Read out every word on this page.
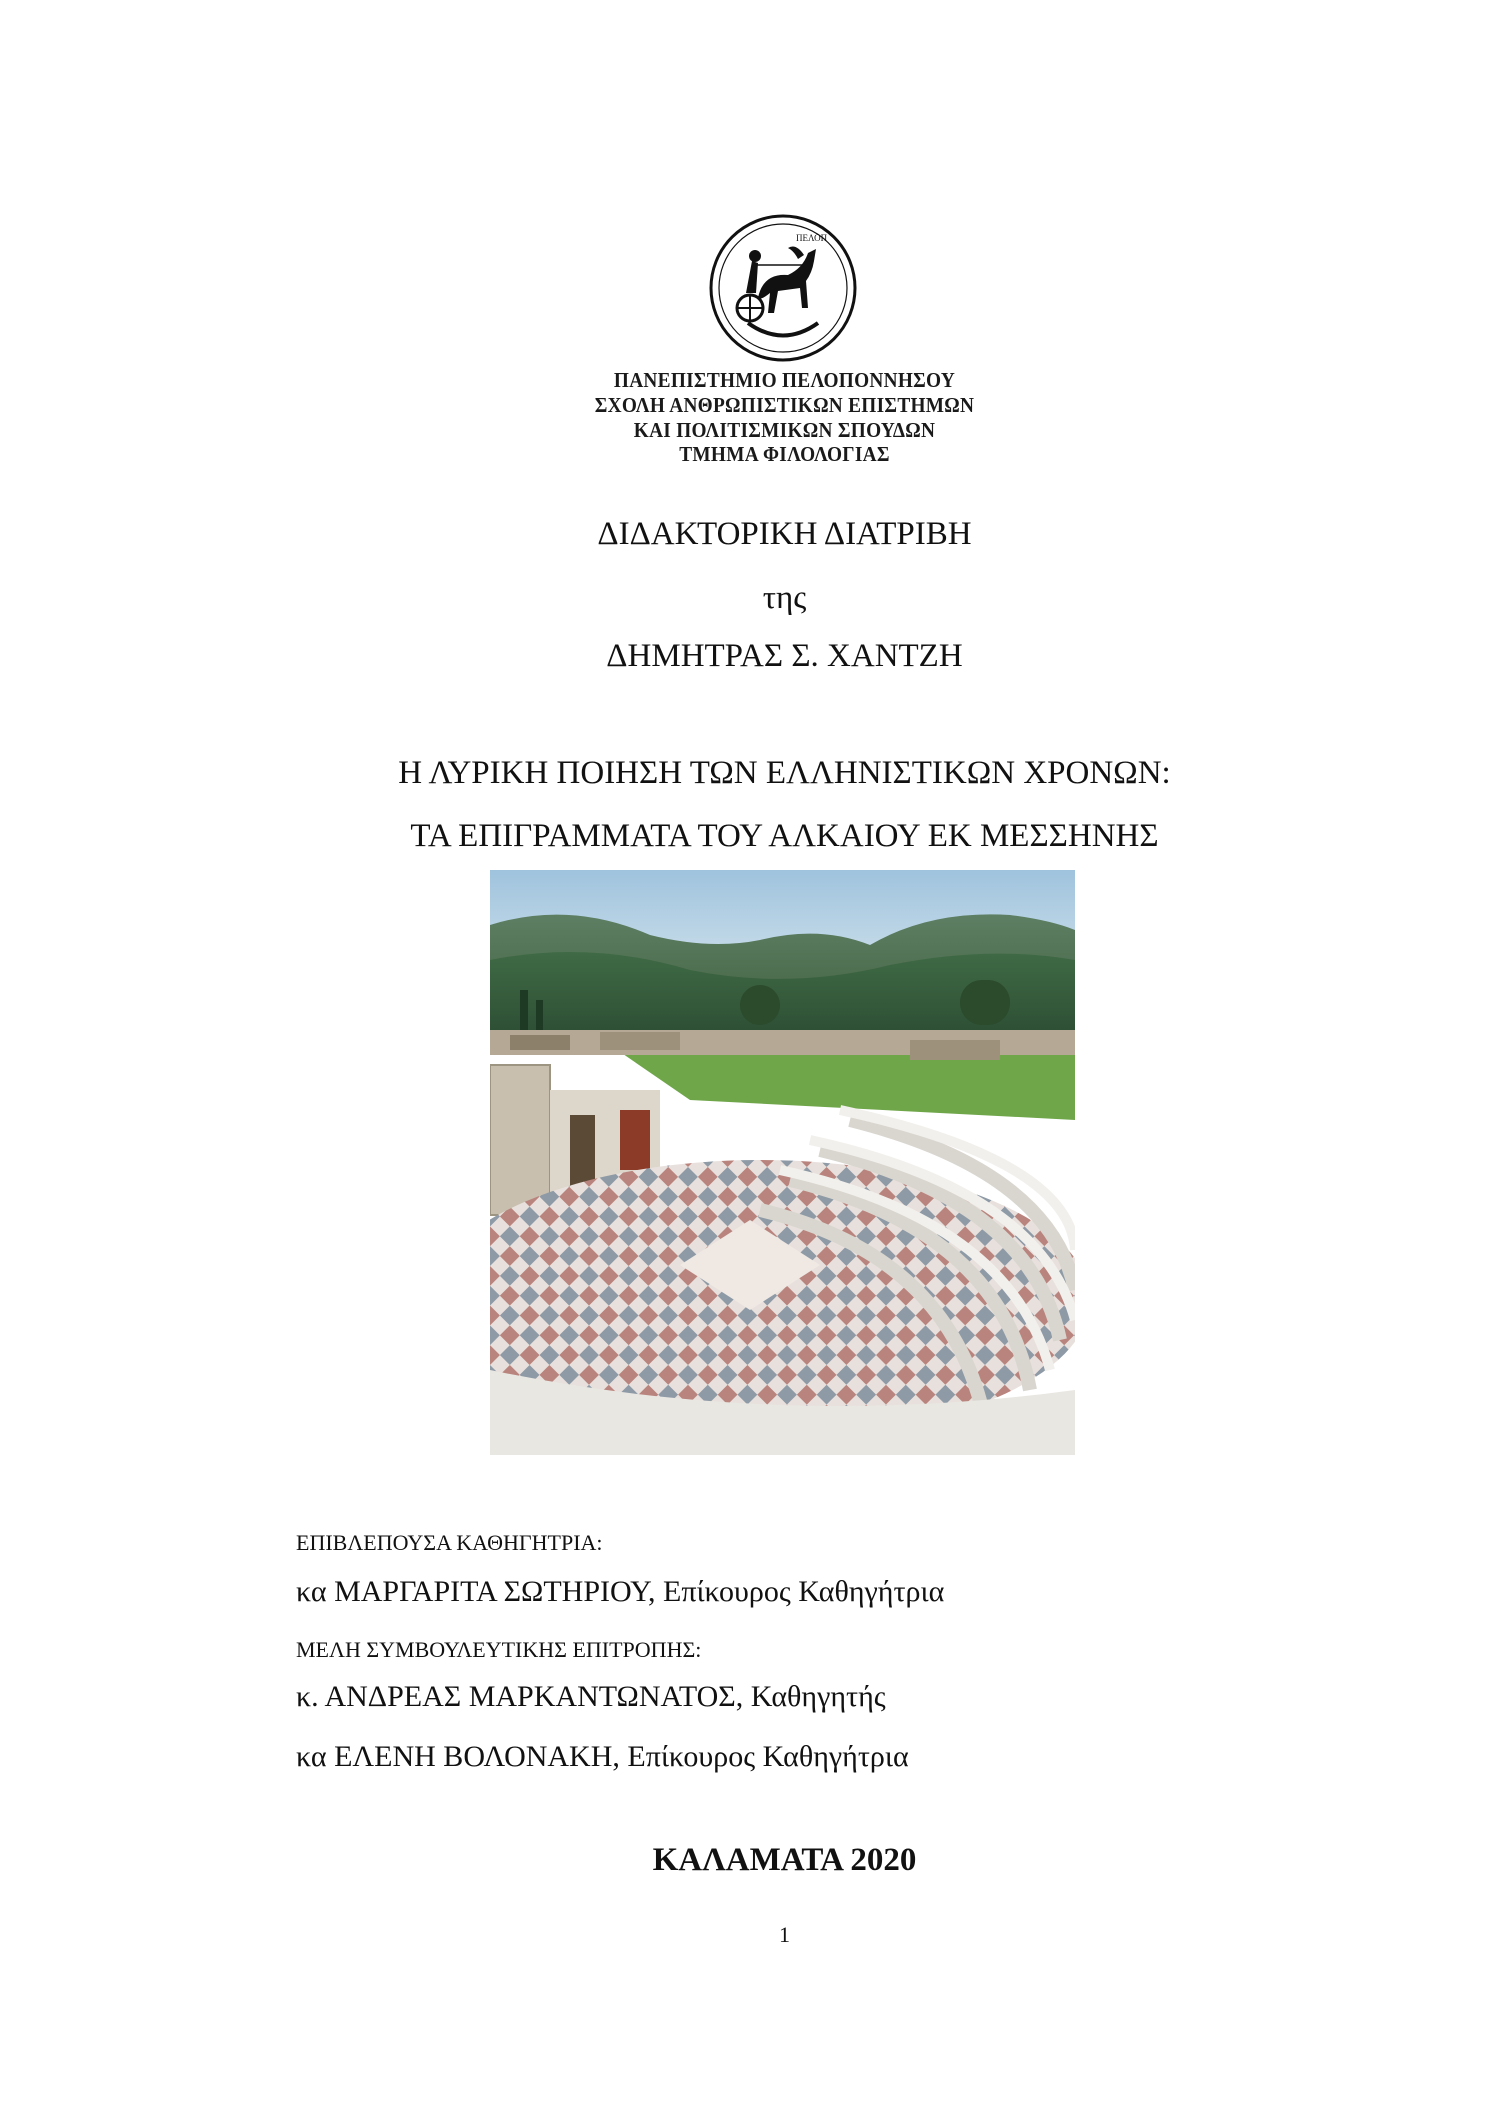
ΠΕΛΟΠ
ΠΑΝΕΠΙΣΤΗΜΙΟ ΠΕΛΟΠΟΝΝΗΣΟΥ
ΣΧΟΛΗ ΑΝΘΡΩΠΙΣΤΙΚΩΝ ΕΠΙΣΤΗΜΩΝ
ΚΑΙ ΠΟΛΙΤΙΣΜΙΚΩΝ ΣΠΟΥΔΩΝ
ΤΜΗΜΑ ΦΙΛΟΛΟΓΙΑΣ
ΔΙΔΑΚΤΟΡΙΚΗ ΔΙΑΤΡΙΒΗ
της
ΔΗΜΗΤΡΑΣ Σ. ΧΑΝΤΖΗ
Η ΛΥΡΙΚΗ ΠΟΙΗΣΗ ΤΩΝ ΕΛΛΗΝΙΣΤΙΚΩΝ ΧΡΟΝΩΝ:
ΤΑ ΕΠΙΓΡΑΜΜΑΤΑ ΤΟΥ ΑΛΚΑΙΟΥ ΕΚ ΜΕΣΣΗΝΗΣ
ΕΠΙΒΛΕΠΟΥΣΑ ΚΑΘΗΓΗΤΡΙΑ:
κα ΜΑΡΓΑΡΙΤΑ ΣΩΤΗΡΙΟΥ, Επίκουρος Καθηγήτρια
ΜΕΛΗ ΣΥΜΒΟΥΛΕΥΤΙΚΗΣ ΕΠΙΤΡΟΠΗΣ:
κ. ΑΝΔΡΕΑΣ ΜΑΡΚΑΝΤΩΝΑΤΟΣ, Καθηγητής
κα ΕΛΕΝΗ ΒΟΛΟΝΑΚΗ, Επίκουρος Καθηγήτρια
ΚΑΛΑΜΑΤΑ 2020
1
